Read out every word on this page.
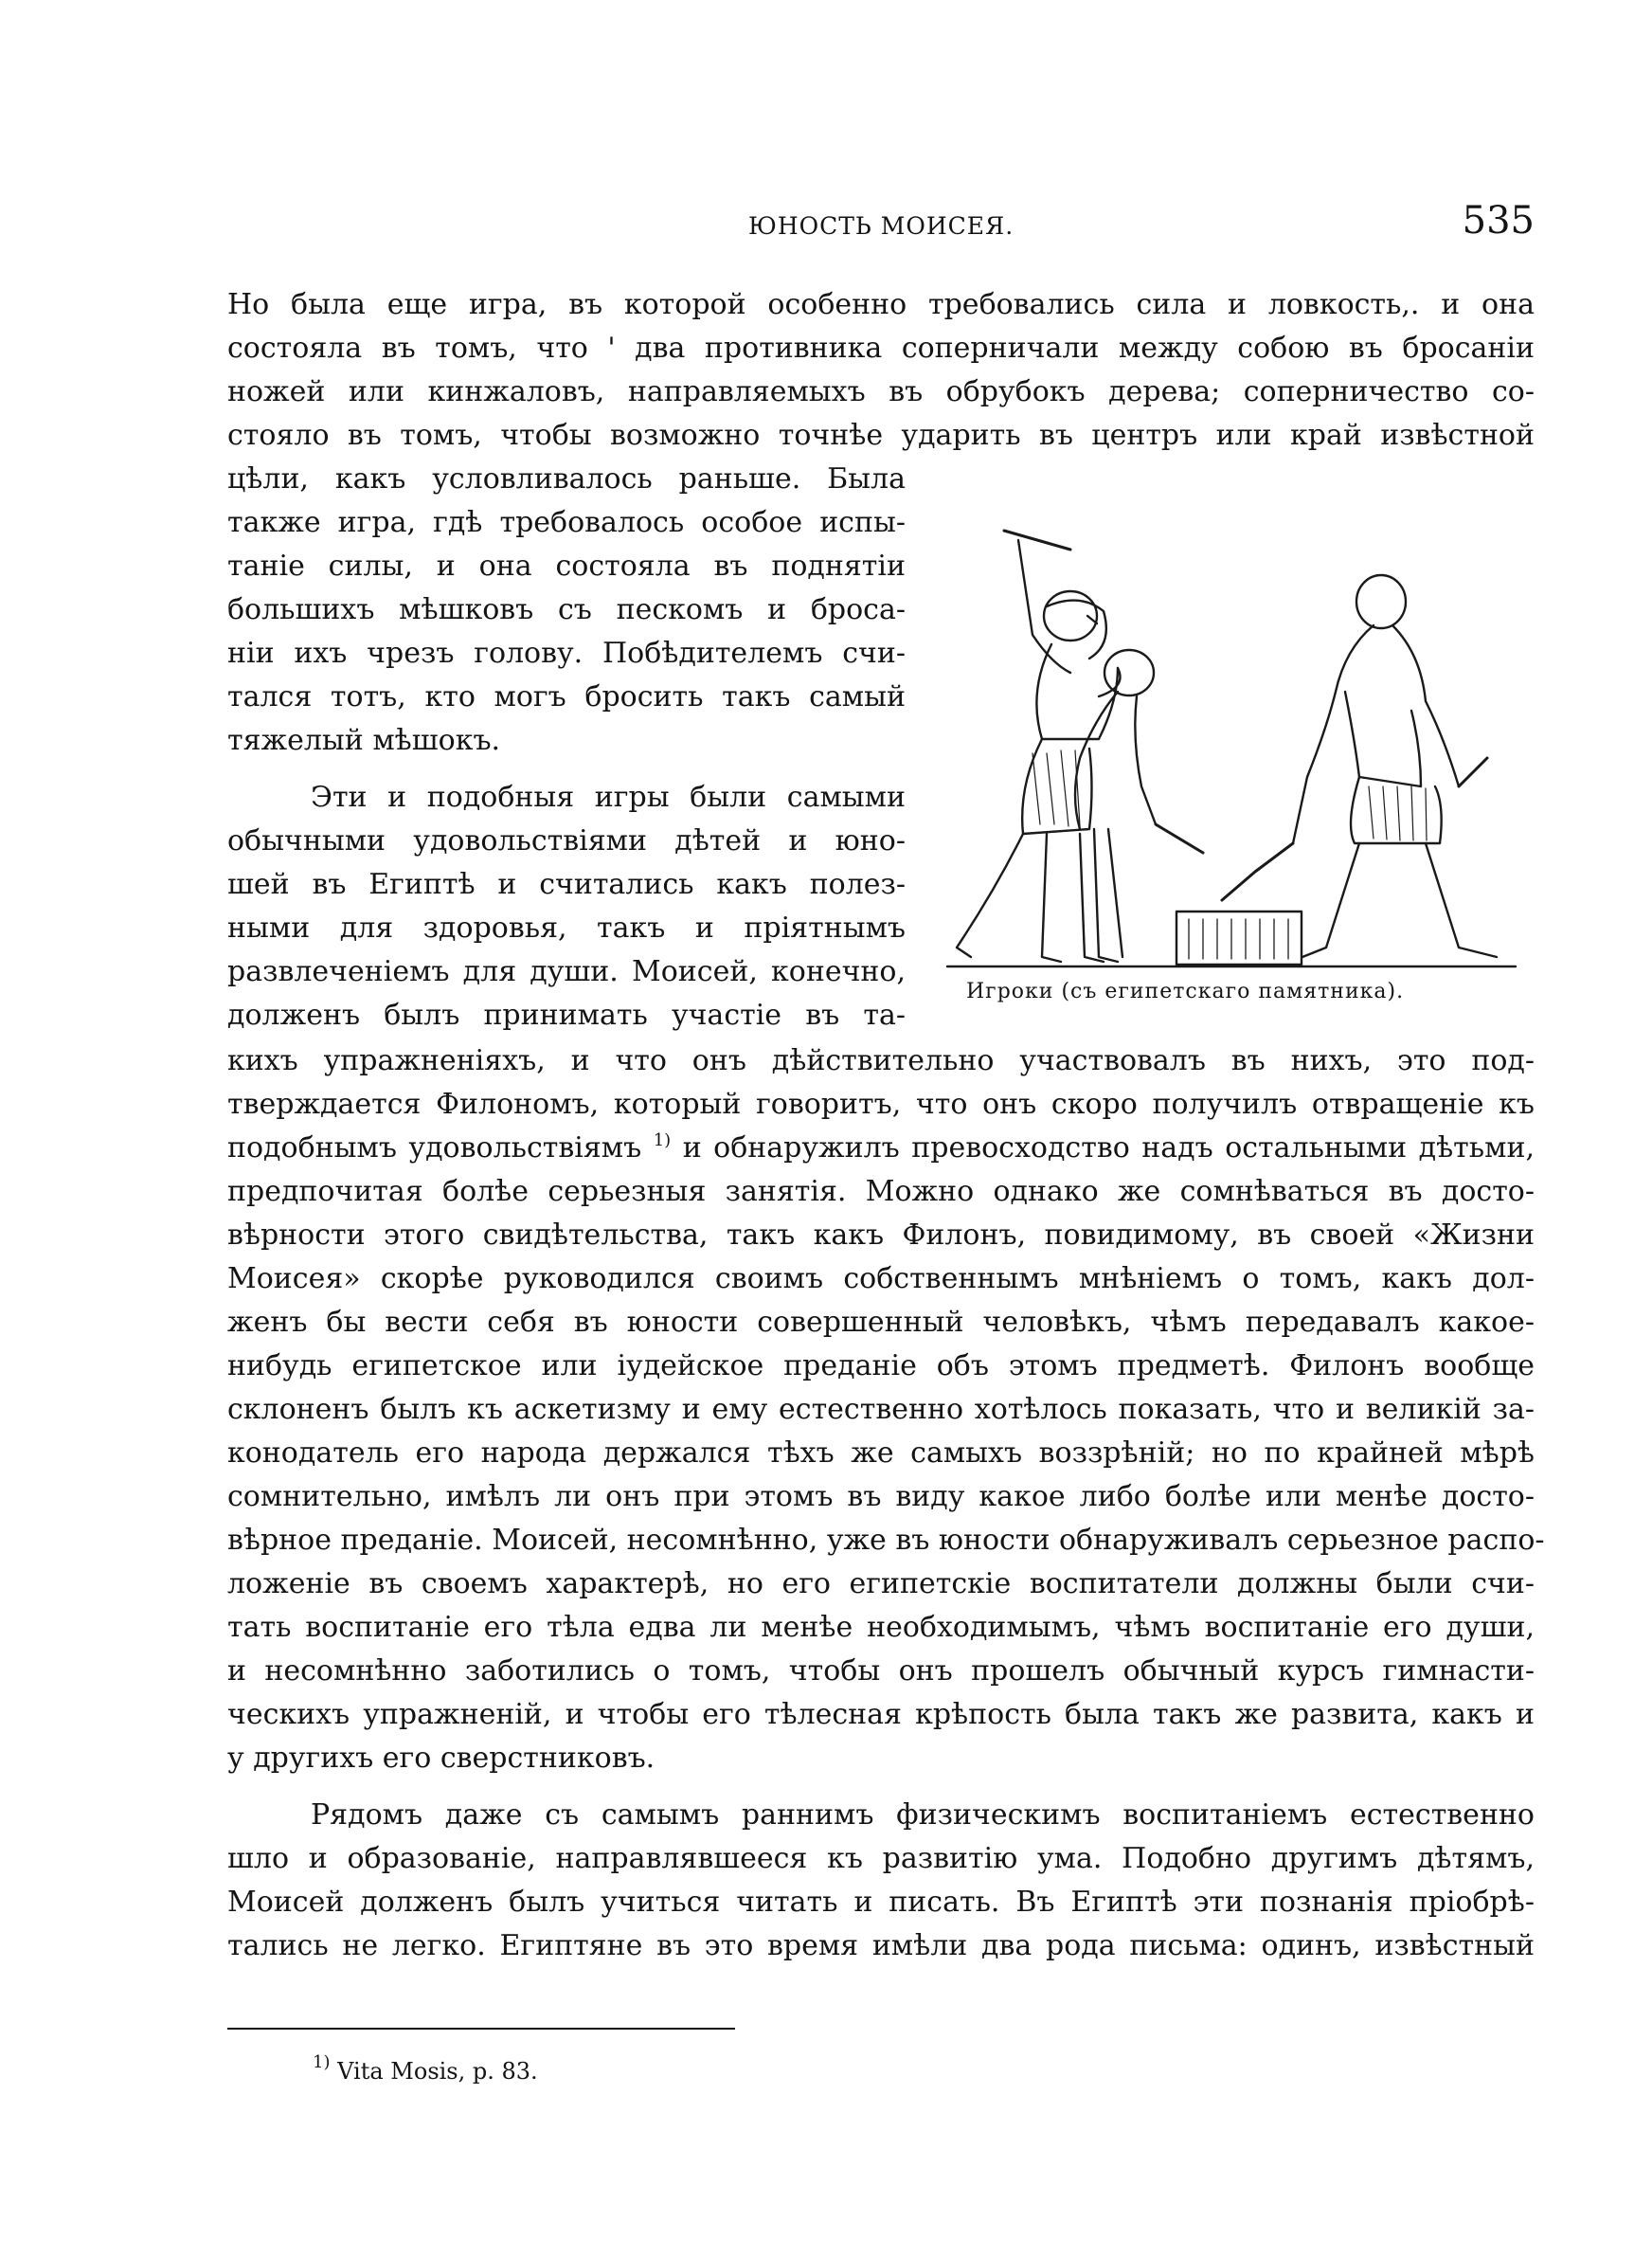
ЮНОСТЬ МОИСЕЯ.	535
Но была еще игра, въ которой особенно требовались сила и ловкость,. и она
состояла въ томъ, что ' два противника соперничали между собою въ бросаніи
ножей или кинжаловъ, направляемыхъ въ обрубокъ дерева; соперничество со-
стояло въ томъ, чтобы возможно точнѣе ударить въ центръ или край извѣстной
цѣли, какъ условливалось раньше. Была
также игра, гдѣ требовалось особое испы-
таніе силы, и она состояла въ поднятіи
большихъ мѣшковъ съ пескомъ и броса-
ніи ихъ чрезъ голову. Побѣдителемъ счи-
тался тотъ, кто могъ бросить такъ самый
тяжелый мѣшокъ.
Эти и подобныя игры были самыми
обычными удовольствіями дѣтей и юно-
шей въ Египтѣ и считались какъ полез-
ными для здоровья, такъ и пріятнымъ
развлеченіемъ для души. Моисей, конечно,
долженъ былъ принимать участіе въ та-
кихъ упражненіяхъ, и что онъ дѣйствительно участвовалъ въ нихъ, это под-
тверждается Филономъ, который говоритъ, что онъ скоро получилъ отвращеніе къ
подобнымъ удовольствіямъ $^{1)}$ и обнаружилъ превосходство надъ остальными дѣтьми,
предпочитая болѣе серьезныя занятія. Можно однако же сомнѣваться въ досто-
вѣрности этого свидѣтельства, такъ какъ Филонъ, повидимому, въ своей «Жизни
Моисея» скорѣе руководился своимъ собственнымъ мнѣніемъ о томъ, какъ дол-
женъ бы вести себя въ юности совершенный человѣкъ, чѣмъ передавалъ какое-
нибудь египетское или іудейское преданіе объ этомъ предметѣ. Филонъ вообще
склоненъ былъ къ аскетизму и ему естественно хотѣлось показать, что и великій за-
конодатель его народа держался тѣхъ же самыхъ воззрѣній; но по крайней мѣрѣ
сомнительно, имѣлъ ли онъ при этомъ въ виду какое либо болѣе или менѣе досто-
вѣрное преданіе. Моисей, несомнѣнно, уже въ юности обнаруживалъ серьезное распо-
ложеніе въ своемъ характерѣ, но его египетскіе воспитатели должны были счи-
тать воспитаніе его тѣла едва ли менѣе необходимымъ, чѣмъ воспитаніе его души,
и несомнѣнно заботились о томъ, чтобы онъ прошелъ обычный курсъ гимнасти-
ческихъ упражненій, и чтобы его тѣлесная крѣпость была такъ же развита, какъ и
у другихъ его сверстниковъ.
Рядомъ даже съ самымъ раннимъ физическимъ воспитаніемъ естественно
шло и образованіе, направлявшееся къ развитію ума. Подобно другимъ дѣтямъ,
Моисей долженъ былъ учиться читать и писать. Въ Египтѣ эти познанія пріобрѣ-
тались не легко. Египтяне въ это время имѣли два рода письма: одинъ, извѣстный
Игроки (съ египетскаго памятника).
$^{1)}$ Vita Mosis, p. 83.
